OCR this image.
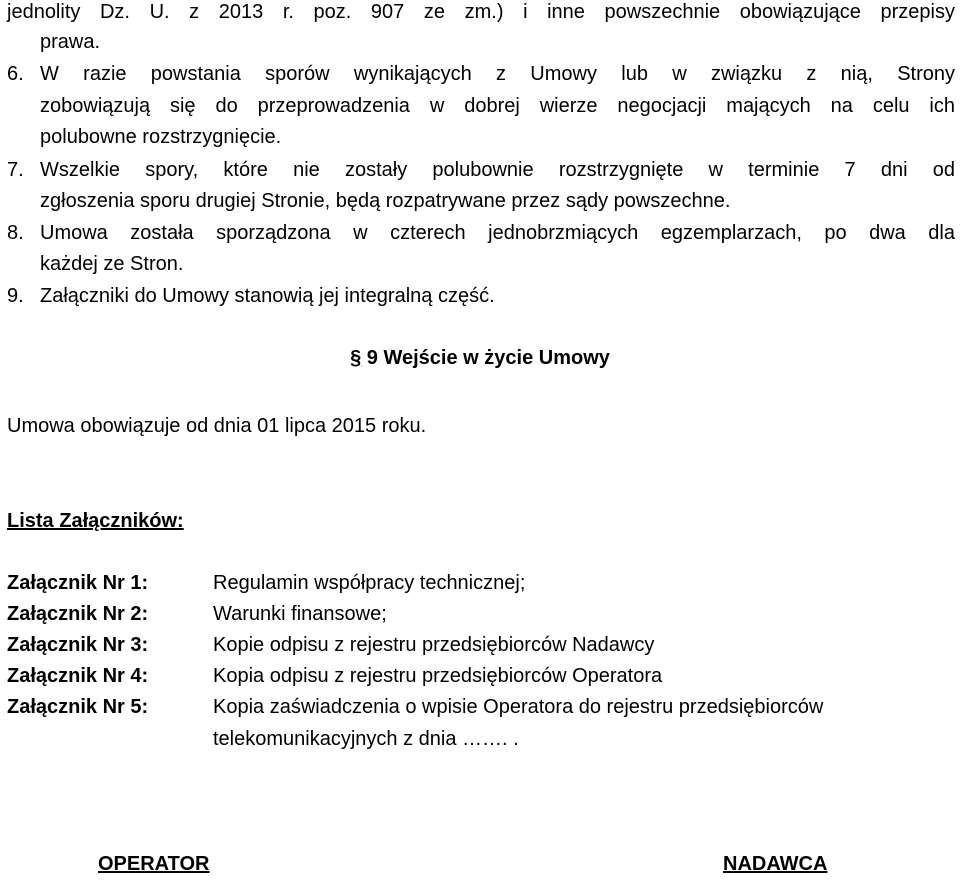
jednolity Dz. U. z 2013 r. poz. 907 ze zm.) i inne powszechnie obowiązujące przepisy
prawa.
6. W razie powstania sporów wynikających z Umowy lub w związku z nią, Strony
zobowiązują się do przeprowadzenia w dobrej wierze negocjacji mających na celu ich
polubowne rozstrzygnięcie.
7. Wszelkie spory, które nie zostały polubownie rozstrzygnięte w terminie 7 dni od
zgłoszenia sporu drugiej Stronie, będą rozpatrywane przez sądy powszechne.
8. Umowa została sporządzona w czterech jednobrzmiących egzemplarzach, po dwa dla
każdej ze Stron.
9. Załączniki do Umowy stanowią jej integralną część.
§ 9 Wejście w życie Umowy
Umowa obowiązuje od dnia 01 lipca 2015 roku.
Lista Załączników:
Załącznik Nr 1:	Regulamin współpracy technicznej;
Załącznik Nr 2:	Warunki finansowe;
Załącznik Nr 3:	Kopie odpisu z rejestru przedsiębiorców Nadawcy
Załącznik Nr 4:	Kopia odpisu z rejestru przedsiębiorców Operatora
Załącznik Nr 5:	Kopia zaświadczenia o wpisie Operatora do rejestru przedsiębiorców
telekomunikacyjnych z dnia ……. .
OPERATOR	NADAWCA
